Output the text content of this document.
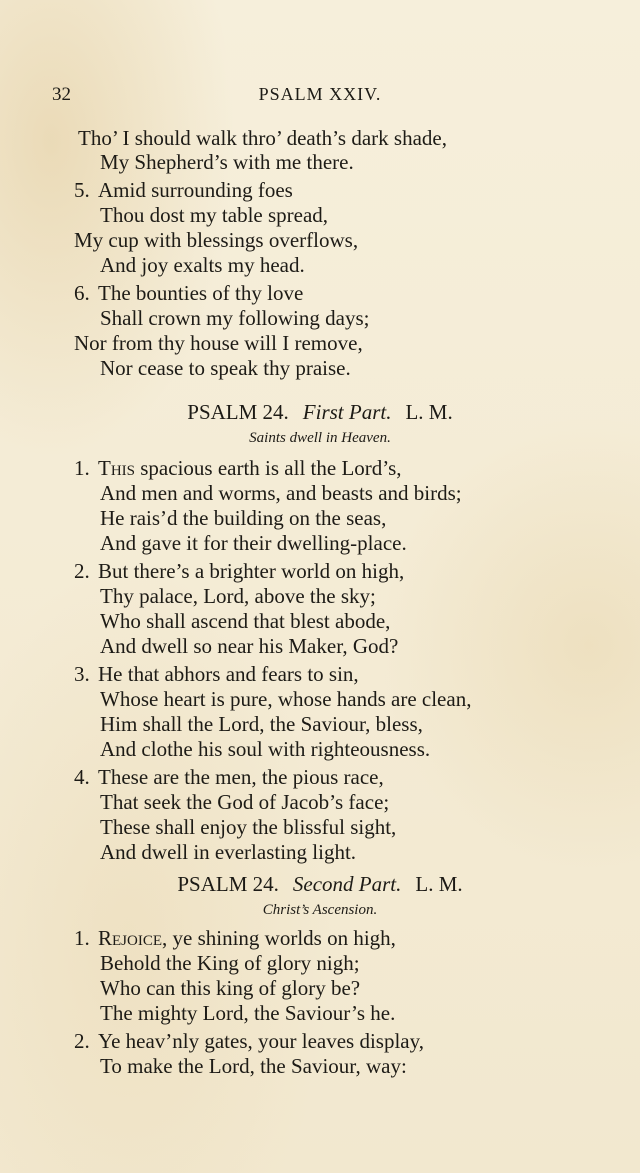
32	PSALM XXIV.
Tho’ I should walk thro’ death’s dark shade,
My Shepherd’s with me there.
5. Amid surrounding foes
Thou dost my table spread,
My cup with blessings overflows,
And joy exalts my head.
6. The bounties of thy love
Shall crown my following days;
Nor from thy house will I remove,
Nor cease to speak thy praise.
PSALM 24. First Part. L. M.
Saints dwell in Heaven.
1. This spacious earth is all the Lord’s,
And men and worms, and beasts and birds;
He rais’d the building on the seas,
And gave it for their dwelling-place.
2. But there’s a brighter world on high,
Thy palace, Lord, above the sky;
Who shall ascend that blest abode,
And dwell so near his Maker, God?
3. He that abhors and fears to sin,
Whose heart is pure, whose hands are clean,
Him shall the Lord, the Saviour, bless,
And clothe his soul with righteousness.
4. These are the men, the pious race,
That seek the God of Jacob’s face;
These shall enjoy the blissful sight,
And dwell in everlasting light.
PSALM 24. Second Part. L. M.
Christ’s Ascension.
1. Rejoice, ye shining worlds on high,
Behold the King of glory nigh;
Who can this king of glory be?
The mighty Lord, the Saviour’s he.
2. Ye heav’nly gates, your leaves display,
To make the Lord, the Saviour, way:
